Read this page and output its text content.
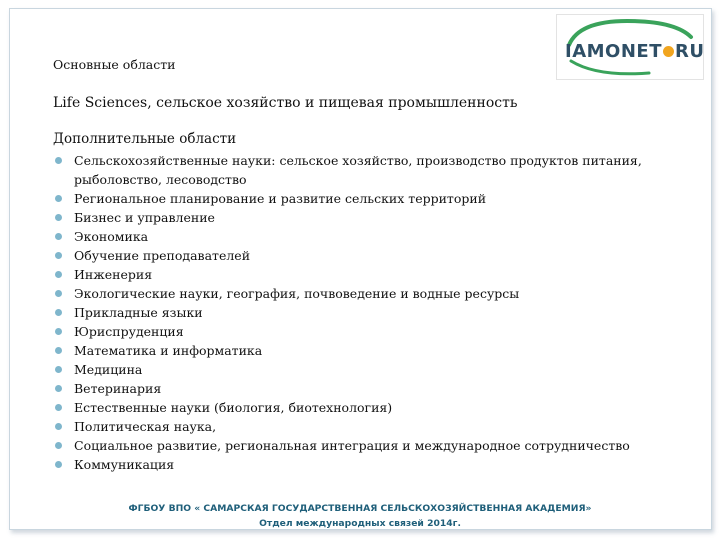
IAMONET RU
Основные области
Life Sciences, сельское хозяйство и пищевая промышленность
Дополнительные области
Сельскохозяйственные науки: сельское хозяйство, производство продуктов питания, рыболовство, лесоводство
Региональное планирование и развитие сельских территорий
Бизнес и управление
Экономика
Обучение преподавателей
Инженерия
Экологические науки, география, почвоведение и водные ресурсы
Прикладные языки
Юриспруденция
Математика и информатика
Медицина
Ветеринария
Естественные науки (биология, биотехнология)
Политическая наука,
Социальное развитие, региональная интеграция и международное сотрудничество
Коммуникация
ФГБОУ ВПО « САМАРСКАЯ ГОСУДАРСТВЕННАЯ СЕЛЬСКОХОЗЯЙСТВЕННАЯ АКАДЕМИЯ»
Отдел международных связей 2014г.
